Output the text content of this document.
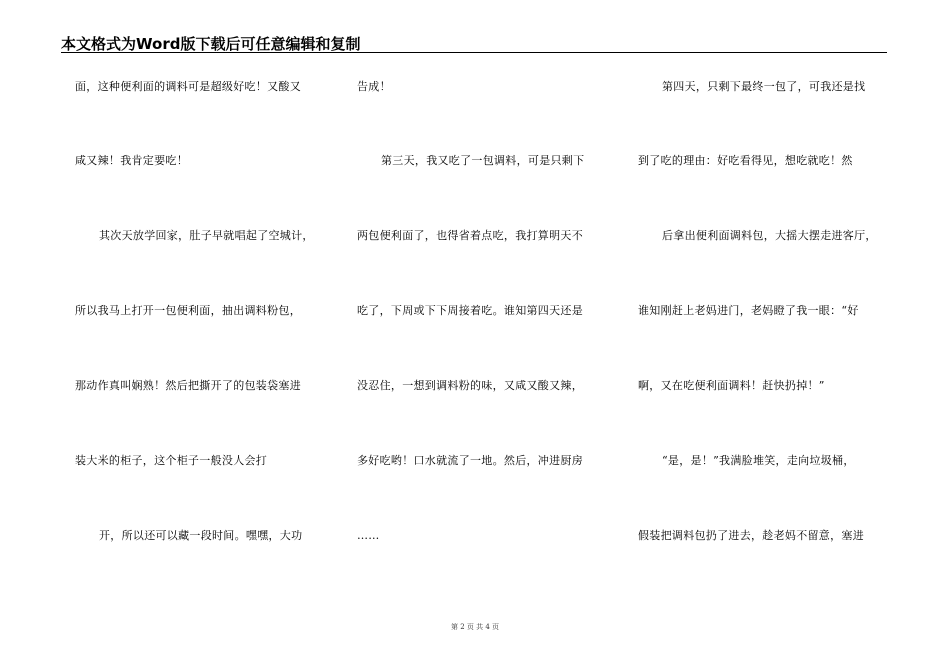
本文格式为Word版下载后可任意编辑和复制
面，这种便利面的调料可是超级好吃！又酸又
咸又辣！我肯定要吃！
其次天放学回家，肚子早就唱起了空城计，
所以我马上打开一包便利面，抽出调料粉包，
那动作真叫娴熟！然后把撕开了的包装袋塞进
装大米的柜子，这个柜子一般没人会打
开，所以还可以藏一段时间。嘿嘿，大功
告成！
第三天，我又吃了一包调料，可是只剩下
两包便利面了，也得省着点吃，我打算明天不
吃了，下周或下下周接着吃。谁知第四天还是
没忍住，一想到调料粉的味，又咸又酸又辣，
多好吃哟！口水就流了一地。然后，冲进厨房
……
第四天，只剩下最终一包了，可我还是找
到了吃的理由：好吃看得见，想吃就吃！然
后拿出便利面调料包，大摇大摆走进客厅，
谁知刚赶上老妈进门，老妈瞪了我一眼：“好
啊，又在吃便利面调料！赶快扔掉！”
“是，是！”我满脸堆笑，走向垃圾桶，
假装把调料包扔了进去，趁老妈不留意，塞进
第 2 页 共 4 页
